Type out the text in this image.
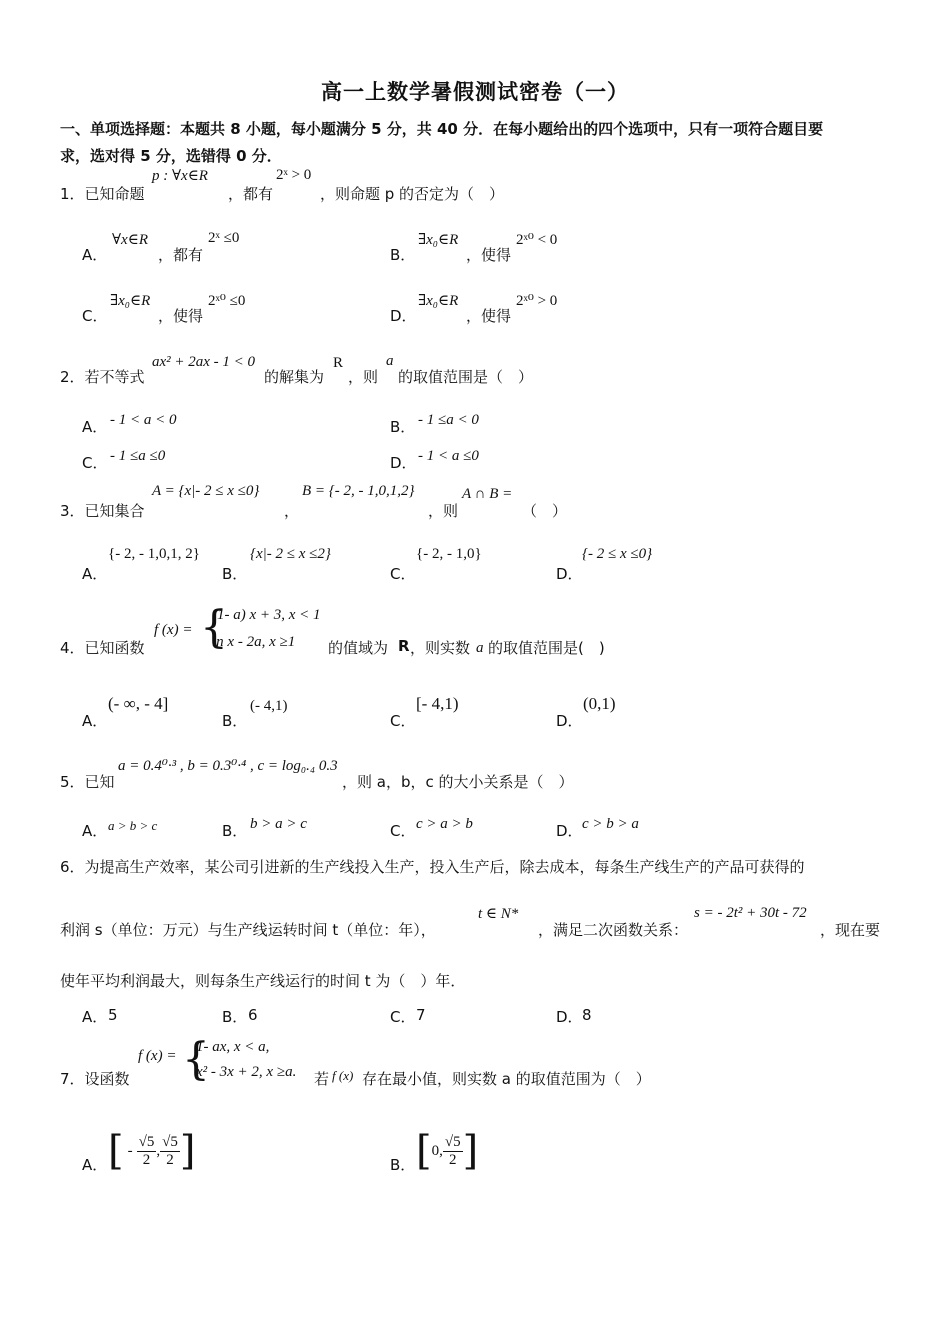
高一上数学暑假测试密卷（一）
一、单项选择题：本题共 8 小题，每小题满分 5 分，共 40 分．在每小题给出的四个选项中，只有一项符合题目要
求，选对得 5 分，选错得 0 分．
1．已知命题
p : ∀x∈R
，都有
2ˣ > 0
，则命题 p 的否定为（　）
A．
∀x∈R
，都有
2ˣ ≤0
B．
∃x₀∈R
，使得
2ˣ⁰ < 0
C．
∃x₀∈R
，使得
2ˣ⁰ ≤0
D．
∃x₀∈R
，使得
2ˣ⁰ > 0
2．若不等式
ax² + 2ax - 1 < 0
的解集为
R
，则
a
的取值范围是（　）
A． - 1 < a < 0	B． - 1 ≤a < 0
C． - 1 ≤a ≤0	D． - 1 < a ≤0
3．已知集合
A = {x|- 2 ≤ x ≤0}
，
B = {- 2, - 1,0,1,2}
，则
A ∩ B =
（　）
A．
{- 2, - 1,0,1, 2}
B．
{x|- 2 ≤ x ≤2}
C．
{- 2, - 1,0}
D．
{- 2 ≤ x ≤0}
4．已知函数
f (x) = {
(1- a) x + 3, x < 1
ln x - 2a, x ≥1 的值域为 R ，则实数 a 的取值范围是(　)
A．
(- ∞, - 4]
B．
(- 4,1)
C．
[- 4,1)
D．
(0,1)
5．已知
a = 0.4⁰·³ , b = 0.3⁰·⁴ , c = log₀.₄ 0.3
，则 a，b，c 的大小关系是（　）
A． a > b > c	B． b > a > c	C． c > a > b	D． c > b > a
6．为提高生产效率，某公司引进新的生产线投入生产，投入生产后，除去成本，每条生产线生产的产品可获得的
利润 s（单位：万元）与生产线运转时间 t（单位：年），
t ∈ N*
，满足二次函数关系：
s = - 2t² + 30t - 72
，现在要
使年平均利润最大，则每条生产线运行的时间 t 为（　）年．
A． 5	B． 6	C． 7	D． 8
7．设函数
f (x) = {
1- ax, x < a,
x² - 3x + 2, x ≥a. 若 f (x) 存在最小值，则实数 a 的取值范围为（　）
A． [ - $\frac{√5}{2}$ , $\frac{√5}{2}$ ]	B． [ 0, $\frac{√5}{2}$ ]
